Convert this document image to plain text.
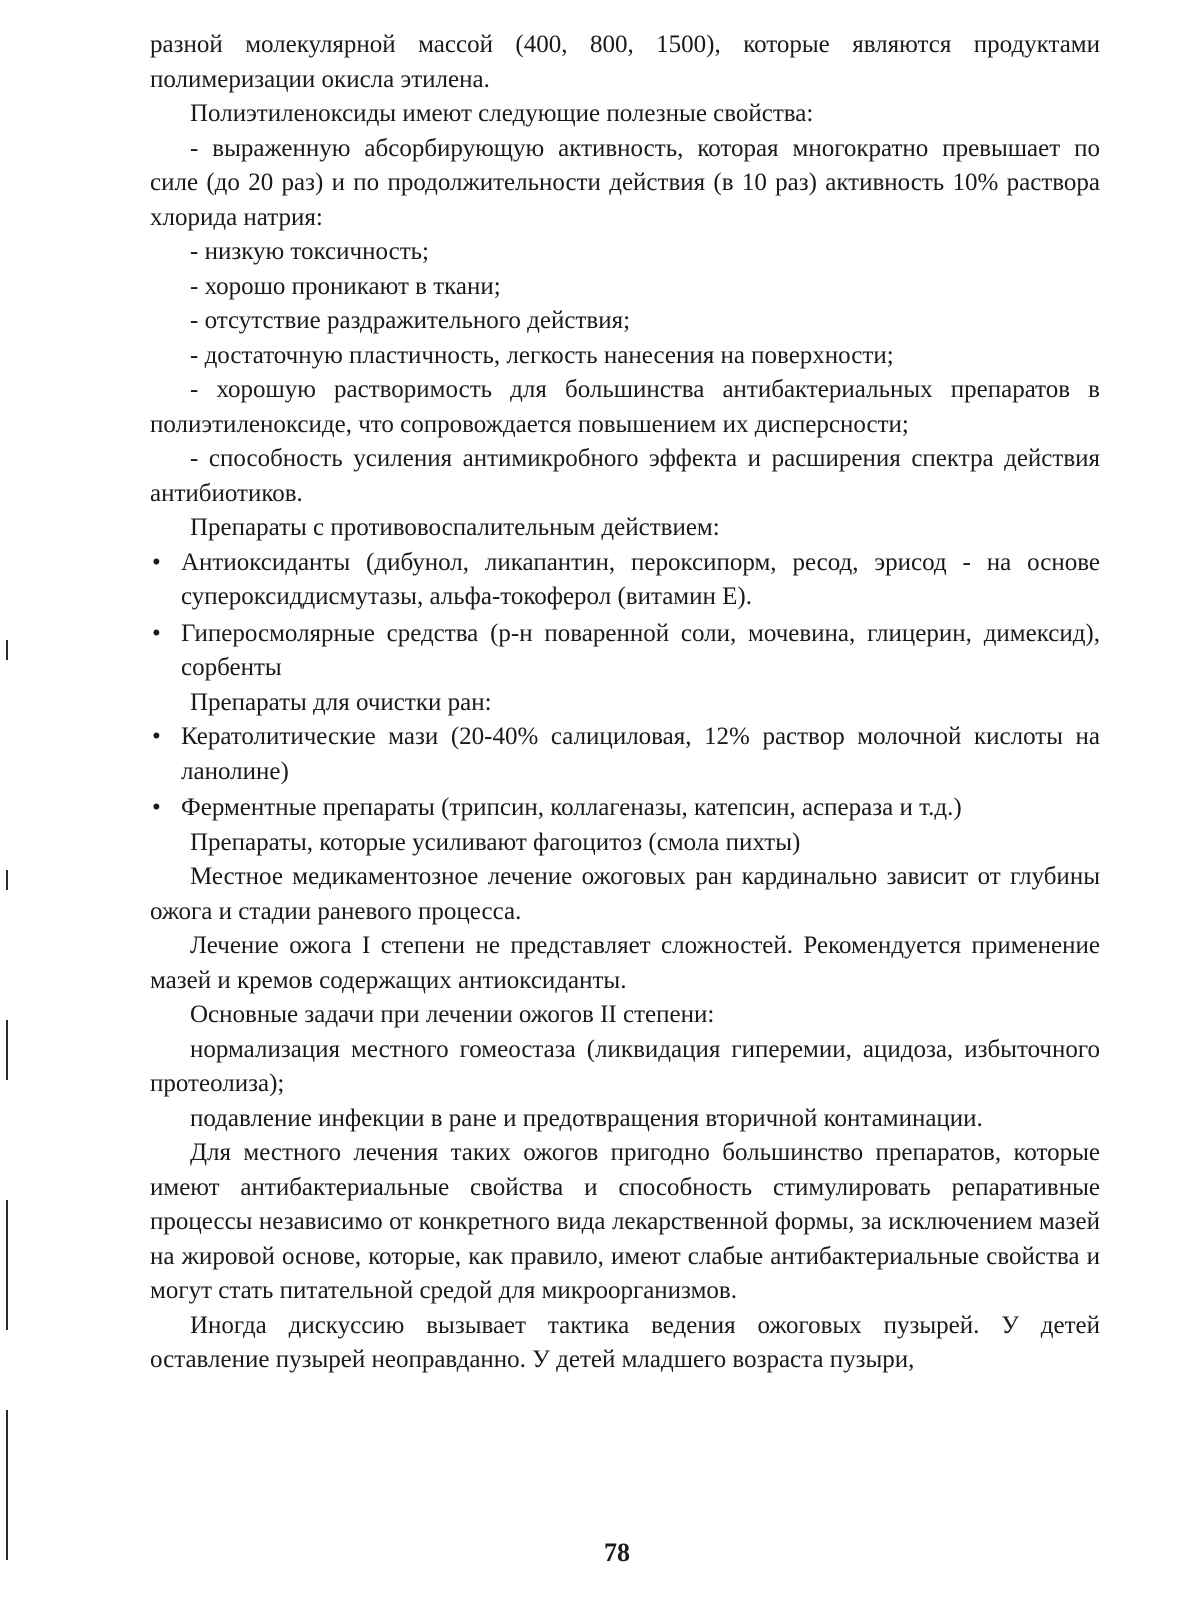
разной молекулярной массой (400, 800, 1500), которые являются продуктами полимеризации окисла этилена.

Полиэтиленоксиды имеют следующие полезные свойства:

- выраженную абсорбирующую активность, которая многократно превышает по силе (до 20 раз) и по продолжительности действия (в 10 раз) активность 10% раствора хлорида натрия:

- низкую токсичность;

- хорошо проникают в ткани;

- отсутствие раздражительного действия;

- достаточную пластичность, легкость нанесения на поверхности;

- хорошую растворимость для большинства антибактериальных препаратов в полиэтиленоксиде, что сопровождается повышением их дисперсности;

- способность усиления антимикробного эффекта и расширения спектра действия антибиотиков.

Препараты с противовоспалительным действием:

• Антиоксиданты (дибунол, ликапантин, пероксипорм, ресод, эрисод - на основе супероксиддисмутазы, альфа-токоферол (витамин Е).
• Гиперосмолярные средства (р-н поваренной соли, мочевина, глицерин, димексид), сорбенты

Препараты для очистки ран:

• Кератолитические мази (20-40% салициловая, 12% раствор молочной кислоты на ланолине)
• Ферментные препараты (трипсин, коллагеназы, катепсин, асперазa и т.д.)

Препараты, которые усиливают фагоцитоз (смола пихты)

Местное медикаментозное лечение ожоговых ран кардинально зависит от глубины ожога и стадии раневого процесса.

Лечение ожога I степени не представляет сложностей. Рекомендуется применение мазей и кремов содержащих антиоксиданты.

Основные задачи при лечении ожогов II степени:

нормализация местного гомеостаза (ликвидация гиперемии, ацидоза, избыточного протеолиза);

подавление инфекции в ране и предотвращения вторичной контаминации.

Для местного лечения таких ожогов пригодно большинство препаратов, которые имеют антибактериальные свойства и способность стимулировать репаративные процессы независимо от конкретного вида лекарственной формы, за исключением мазей на жировой основе, которые, как правило, имеют слабые антибактериальные свойства и могут стать питательной средой для микроорганизмов.

Иногда дискуссию вызывает тактика ведения ожоговых пузырей. У детей оставление пузырей неоправданно. У детей младшего возраста пузыри,

78
